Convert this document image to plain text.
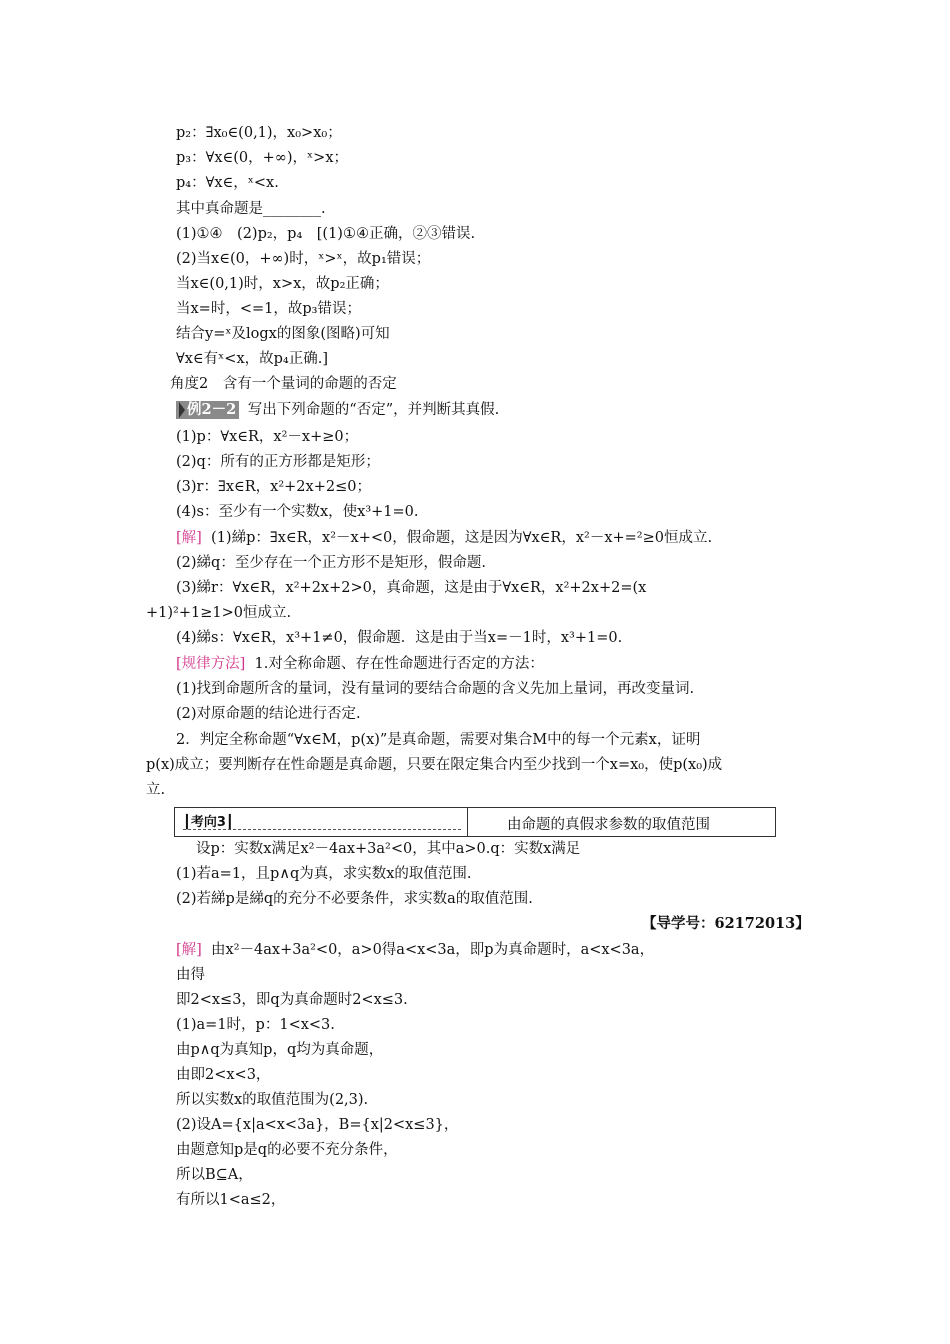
p₂：∃x₀∈(0,1)，x₀>x₀；
p₃：∀x∈(0，+∞)，ˣ>x；
p₄：∀x∈，ˣ<x.
其中真命题是________.
(1)①④　(2)p₂，p₄　[(1)①④正确，②③错误.
(2)当x∈(0，+∞)时，ˣ>ˣ，故p₁错误；
当x∈(0,1)时，x>x，故p₂正确；
当x=时，<=1，故p₃错误；
结合y=ˣ及logx的图象(图略)可知
∀x∈有ˣ<x，故p₄正确.]
角度2　含有一个量词的命题的否定
例2－2 写出下列命题的“否定”，并判断其真假.
(1)p：∀x∈R，x²－x+≥0；
(2)q：所有的正方形都是矩形；
(3)r：∃x∈R，x²+2x+2≤0；
(4)s：至少有一个实数x，使x³+1=0.
[解] (1)綈p：∃x∈R，x²－x+<0，假命题，这是因为∀x∈R，x²－x+=²≥0恒成立.
(2)綈q：至少存在一个正方形不是矩形，假命题.
(3)綈r：∀x∈R，x²+2x+2>0，真命题，这是由于∀x∈R，x²+2x+2=(x
+1)²+1≥1>0恒成立.
(4)綈s：∀x∈R，x³+1≠0，假命题．这是由于当x=－1时，x³+1=0.
[规律方法] 1.对全称命题、存在性命题进行否定的方法：
(1)找到命题所含的量词，没有量词的要结合命题的含义先加上量词，再改变量词.
(2)对原命题的结论进行否定.
2．判定全称命题“∀x∈M，p(x)”是真命题，需要对集合M中的每一个元素x，证明
p(x)成立；要判断存在性命题是真命题，只要在限定集合内至少找到一个x=x₀，使p(x₀)成
立.
┃考向3┃	由命题的真假求参数的取值范围
设p：实数x满足x²－4ax+3a²<0，其中a>0.q：实数x满足
(1)若a=1，且p∧q为真，求实数x的取值范围.
(2)若綈p是綈q的充分不必要条件，求实数a的取值范围.
【导学号：62172013】
[解] 由x²－4ax+3a²<0，a>0得a<x<3a，即p为真命题时，a<x<3a，
由得
即2<x≤3，即q为真命题时2<x≤3.
(1)a=1时，p：1<x<3.
由p∧q为真知p，q均为真命题，
由即2<x<3，
所以实数x的取值范围为(2,3).
(2)设A={x|a<x<3a}，B={x|2<x≤3}，
由题意知p是q的必要不充分条件，
所以B⊆A，
有所以1<a≤2，
